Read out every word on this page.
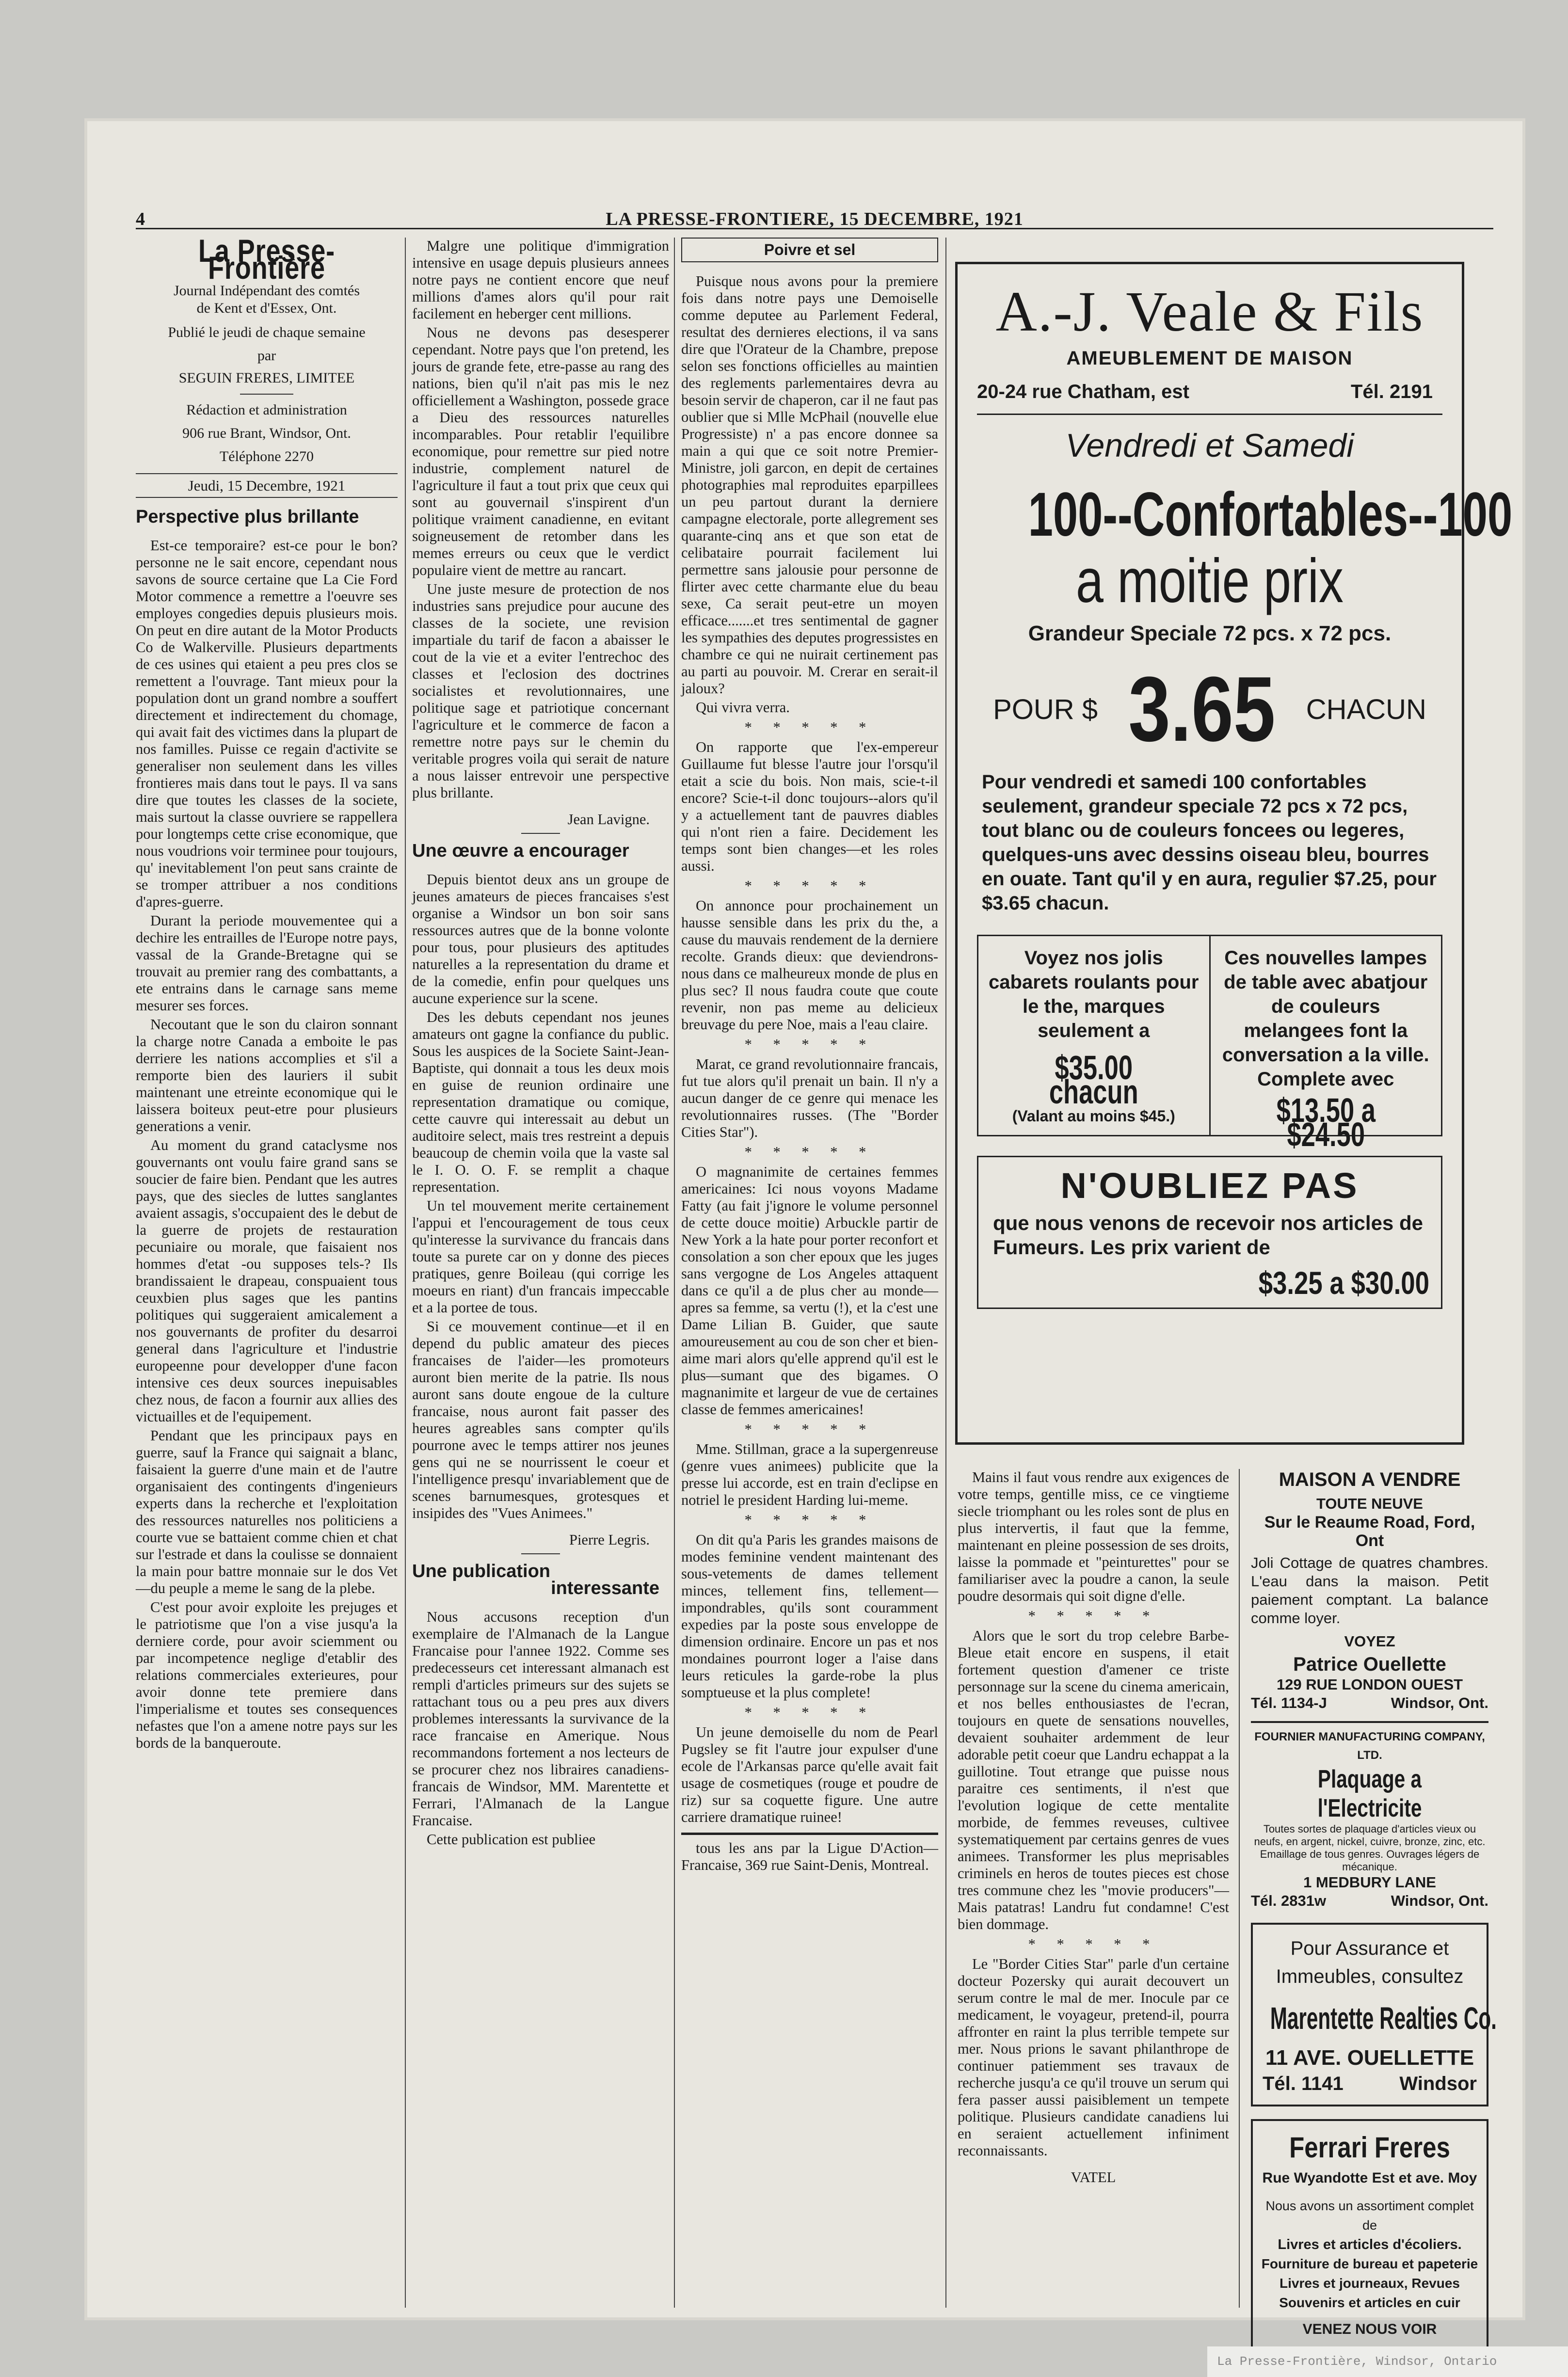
4	LA PRESSE-FRONTIERE, 15 DECEMBRE, 1921
La Presse-Frontière
Journal Indépendant des comtés
de Kent et d'Essex, Ont.
Publié le jeudi de chaque semaine
par
SEGUIN FRERES, LIMITEE
Rédaction et administration
906 rue Brant, Windsor, Ont.
Téléphone 2270
Jeudi, 15 Decembre, 1921
Perspective plus brillante

Est-ce temporaire? est-ce pour le bon? personne ne le sait encore, cependant nous savons de source certaine que La Cie Ford Motor commence a remettre a l'oeuvre ses employes congedies depuis plusieurs mois. On peut en dire autant de la Motor Products Co de Walkerville. Plusieurs departments de ces usines qui etaient a peu pres clos se remettent a l'ouvrage. Tant mieux pour la population dont un grand nombre a souffert directement et indirectement du chomage, qui avait fait des victimes dans la plupart de nos familles. Puisse ce regain d'activite se generaliser non seulement dans les villes frontieres mais dans tout le pays. Il va sans dire que toutes les classes de la societe, mais surtout la classe ouvriere se rappellera pour longtemps cette crise economique, que nous voudrions voir terminee pour toujours, qu' inevitablement l'on peut sans crainte de se tromper attribuer a nos conditions d'apres-guerre.

Durant la periode mouvementee qui a dechire les entrailles de l'Europe notre pays, vassal de la Grande-Bretagne qui se trouvait au premier rang des combattants, a ete entrains dans le carnage sans meme mesurer ses forces.

Necoutant que le son du clairon sonnant la charge notre Canada a emboite le pas derriere les nations accomplies et s'il a remporte bien des lauriers il subit maintenant une etreinte economique qui le laissera boiteux peut-etre pour plusieurs generations a venir.

Au moment du grand cataclysme nos gouvernants ont voulu faire grand sans se soucier de faire bien. Pendant que les autres pays, que des siecles de luttes sanglantes avaient assagis, s'occupaient des le debut de la guerre de projets de restauration pecuniaire ou morale, que faisaient nos hommes d'etat -ou supposes tels-? Ils brandissaient le drapeau, conspuaient tous ceuxbien plus sages que les pantins politiques qui suggeraient amicalement a nos gouvernants de profiter du desarroi general dans l'agriculture et l'industrie europeenne pour developper d'une facon intensive ces deux sources inepuisables chez nous, de facon a fournir aux allies des victuailles et de l'equipement.

Pendant que les principaux pays en guerre, sauf la France qui saignait a blanc, faisaient la guerre d'une main et de l'autre organisaient des contingents d'ingenieurs experts dans la recherche et l'exploitation des ressources naturelles nos politiciens a courte vue se battaient comme chien et chat sur l'estrade et dans la coulisse se donnaient la main pour battre monnaie sur le dos Vet—du peuple a meme le sang de la plebe.

C'est pour avoir exploite les prejuges et le patriotisme que l'on a vise jusqu'a la derniere corde, pour avoir sciemment ou par incompetence neglige d'etablir des relations commerciales exterieures, pour avoir donne tete premiere dans l'imperialisme et toutes ses consequences nefastes que l'on a amene notre pays sur les bords de la banqueroute.

Malgre une politique d'immigration intensive en usage depuis plusieurs annees notre pays ne contient encore que neuf millions d'ames alors qu'il pour rait facilement en heberger cent millions.

Nous ne devons pas desesperer cependant. Notre pays que l'on pretend, les jours de grande fete, etre-passe au rang des nations, bien qu'il n'ait pas mis le nez officiellement a Washington, possede grace a Dieu des ressources naturelles incomparables. Pour retablir l'equilibre economique, pour remettre sur pied notre industrie, complement naturel de l'agriculture il faut a tout prix que ceux qui sont au gouvernail s'inspirent d'un politique vraiment canadienne, en evitant soigneusement de retomber dans les memes erreurs ou ceux que le verdict populaire vient de mettre au rancart.

Une juste mesure de protection de nos industries sans prejudice pour aucune des classes de la societe, une revision impartiale du tarif de facon a abaisser le cout de la vie et a eviter l'entrechoc des classes et l'eclosion des doctrines socialistes et revolutionnaires, une politique sage et patriotique concernant l'agriculture et le commerce de facon a remettre notre pays sur le chemin du veritable progres voila qui serait de nature a nous laisser entrevoir une perspective plus brillante.

Jean Lavigne.
Une œuvre a encourager

Depuis bientot deux ans un groupe de jeunes amateurs de pieces francaises s'est organise a Windsor un bon soir sans ressources autres que de la bonne volonte pour tous, pour plusieurs des aptitudes naturelles a la representation du drame et de la comedie, enfin pour quelques uns aucune experience sur la scene.

Des les debuts cependant nos jeunes amateurs ont gagne la confiance du public. Sous les auspices de la Societe Saint-Jean-Baptiste, qui donnait a tous les deux mois en guise de reunion ordinaire une representation dramatique ou comique, cette cauvre qui interessait au debut un auditoire select, mais tres restreint a depuis beaucoup de chemin voila que la vaste sal le I. O. O. F. se remplit a chaque representation.

Un tel mouvement merite certainement l'appui et l'encouragement de tous ceux qu'interesse la survivance du francais dans toute sa purete car on y donne des pieces pratiques, genre Boileau (qui corrige les moeurs en riant) d'un francais impeccable et a la portee de tous.

Si ce mouvement continue—et il en depend du public amateur des pieces francaises de l'aider—les promoteurs auront bien merite de la patrie. Ils nous auront sans doute engoue de la culture francaise, nous auront fait passer des heures agreables sans compter qu'ils pourrone avec le temps attirer nos jeunes gens qui ne se nourrissent le coeur et l'intelligence presqu' invariablement que de scenes barnumesques, grotesques et insipides des "Vues Animees."

Pierre Legris.
Une publication
interessante

Nous accusons reception d'un exemplaire de l'Almanach de la Langue Francaise pour l'annee 1922. Comme ses predecesseurs cet interessant almanach est rempli d'articles primeurs sur des sujets se rattachant tous ou a peu pres aux divers problemes interessants la survivance de la race francaise en Amerique. Nous recommandons fortement a nos lecteurs de se procurer chez nos libraires canadiens-francais de Windsor, MM. Marentette et Ferrari, l'Almanach de la Langue Francaise.

Cette publication est publiee

Poivre et sel

Puisque nous avons pour la premiere fois dans notre pays une Demoiselle comme deputee au Parlement Federal, resultat des dernieres elections, il va sans dire que l'Orateur de la Chambre, prepose selon ses fonctions officielles au maintien des reglements parlementaires devra au besoin servir de chaperon, car il ne faut pas oublier que si Mlle McPhail (nouvelle elue Progressiste) n' a pas encore donnee sa main a qui que ce soit notre Premier-Ministre, joli garcon, en depit de certaines photographies mal reproduites eparpillees un peu partout durant la derniere campagne electorale, porte allegrement ses quarante-cinq ans et que son etat de celibataire pourrait facilement lui permettre sans jalousie pour personne de flirter avec cette charmante elue du beau sexe, Ca serait peut-etre un moyen efficace.......et tres sentimental de gagner les sympathies des deputes progressistes en chambre ce qui ne nuirait certinement pas au parti au pouvoir. M. Crerar en serait-il jaloux?

Qui vivra verra.

* * * * *

On rapporte que l'ex-empereur Guillaume fut blesse l'autre jour l'orsqu'il etait a scie du bois. Non mais, scie-t-il encore? Scie-t-il donc toujours--alors qu'il y a actuellement tant de pauvres diables qui n'ont rien a faire. Decidement les temps sont bien changes—et les roles aussi.

* * * * *

On annonce pour prochainement un hausse sensible dans les prix du the, a cause du mauvais rendement de la derniere recolte. Grands dieux: que deviendrons-nous dans ce malheureux monde de plus en plus sec? Il nous faudra coute que coute revenir, non pas meme au delicieux breuvage du pere Noe, mais a l'eau claire.

* * * * *

Marat, ce grand revolutionnaire francais, fut tue alors qu'il prenait un bain. Il n'y a aucun danger de ce genre qui menace les revolutionnaires russes. (The "Border Cities Star").

* * * * *

O magnanimite de certaines femmes americaines: Ici nous voyons Madame Fatty (au fait j'ignore le volume personnel de cette douce moitie) Arbuckle partir de New York a la hate pour porter reconfort et consolation a son cher epoux que les juges sans vergogne de Los Angeles attaquent dans ce qu'il a de plus cher au monde—apres sa femme, sa vertu (!), et la c'est une Dame Lilian B. Guider, que saute amoureusement au cou de son cher et bien-aime mari alors qu'elle apprend qu'il est le plus—sumant que des bigames. O magnanimite et largeur de vue de certaines classe de femmes americaines!

* * * * *

Mme. Stillman, grace a la supergenreuse (genre vues animees) publicite que la presse lui accorde, est en train d'eclipse en notriel le president Harding lui-meme.

* * * * *

On dit qu'a Paris les grandes maisons de modes feminine vendent maintenant des sous-vetements de dames tellement minces, tellement fins, tellement—impondrables, qu'ils sont couramment expedies par la poste sous enveloppe de dimension ordinaire. Encore un pas et nos mondaines pourront loger a l'aise dans leurs reticules la garde-robe la plus somptueuse et la plus complete!

* * * * *

Un jeune demoiselle du nom de Pearl Pugsley se fit l'autre jour expulser d'une ecole de l'Arkansas parce qu'elle avait fait usage de cosmetiques (rouge et poudre de riz) sur sa coquette figure. Une autre carriere dramatique ruinee!

tous les ans par la Ligue D'Action—Francaise, 369 rue Saint-Denis, Montreal.

A.-J. Veale & Fils
AMEUBLEMENT DE MAISON
20-24 rue Chatham, est	Tél. 2191
Vendredi et Samedi
100--Confortables--100
a moitie prix
Grandeur Speciale 72 pcs. x 72 pcs.
POUR $ 3.65 CHACUN
Pour vendredi et samedi 100 confortables seulement, grandeur speciale 72 pcs x 72 pcs, tout blanc ou de couleurs foncees ou legeres, quelques-uns avec dessins oiseau bleu, bourres en ouate. Tant qu'il y en aura, regulier $7.25, pour $3.65 chacun.
Voyez nos jolis cabarets roulants pour le the, marques seulement a
$35.00 chacun
(Valant au moins $45.)
Ces nouvelles lampes de table avec abatjour de couleurs melangees font la conversation a la ville. Complete avec
$13.50 a $24.50
N'OUBLIEZ PAS
que nous venons de recevoir nos articles de Fumeurs. Les prix varient de
$3.25 a $30.00

Mains il faut vous rendre aux exigences de votre temps, gentille miss, ce ce vingtieme siecle triomphant ou les roles sont de plus en plus intervertis, il faut que la femme, maintenant en pleine possession de ses droits, laisse la pommade et "peinturettes" pour se familiariser avec la poudre a canon, la seule poudre desormais qui soit digne d'elle.

* * * * *

Alors que le sort du trop celebre Barbe-Bleue etait encore en suspens, il etait fortement question d'amener ce triste personnage sur la scene du cinema americain, et nos belles enthousiastes de l'ecran, toujours en quete de sensations nouvelles, devaient souhaiter ardemment de leur adorable petit coeur que Landru echappat a la guillotine. Tout etrange que puisse nous paraitre ces sentiments, il n'est que l'evolution logique de cette mentalite morbide, de femmes reveuses, cultivee systematiquement par certains genres de vues animees. Transformer les plus meprisables criminels en heros de toutes pieces est chose tres commune chez les "movie producers"—Mais patatras! Landru fut condamne! C'est bien dommage.

* * * * *

Le "Border Cities Star" parle d'un certaine docteur Pozersky qui aurait decouvert un serum contre le mal de mer. Inocule par ce medicament, le voyageur, pretend-il, pourra affronter en raint la plus terrible tempete sur mer. Nous prions le savant philanthrope de continuer patiemment ses travaux de recherche jusqu'a ce qu'il trouve un serum qui fera passer aussi paisiblement un tempete politique. Plusieurs candidate canadiens lui en seraient actuellement infiniment reconnaissants.

VATEL
MAISON A VENDRE
TOUTE NEUVE
Sur le Reaume Road, Ford, Ont
Joli Cottage de quatres chambres. L'eau dans la maison. Petit paiement comptant. La balance comme loyer.
VOYEZ
Patrice Ouellette
129 RUE LONDON OUEST
Tél. 1134-J	Windsor, Ont.
FOURNIER MANUFACTURING COMPANY, LTD.
Plaquage a l'Electricite
Toutes sortes de plaquage d'articles vieux ou neufs, en argent, nickel, cuivre, bronze, zinc, etc. Emaillage de tous genres. Ouvrages légers de mécanique.
1 MEDBURY LANE
Tél. 2831w	Windsor, Ont.
Pour Assurance et
Immeubles, consultez
Marentette Realties Co.
11 AVE. OUELLETTE
Tél. 1141	Windsor
Ferrari Freres
Rue Wyandotte Est et ave. Moy
Nous avons un assortiment complet de
Livres et articles d'écoliers.
Fourniture de bureau et papeterie
Livres et journeaux, Revues
Souvenirs et articles en cuir
VENEZ NOUS VOIR
La Presse-Frontière, Windsor, Ontario
